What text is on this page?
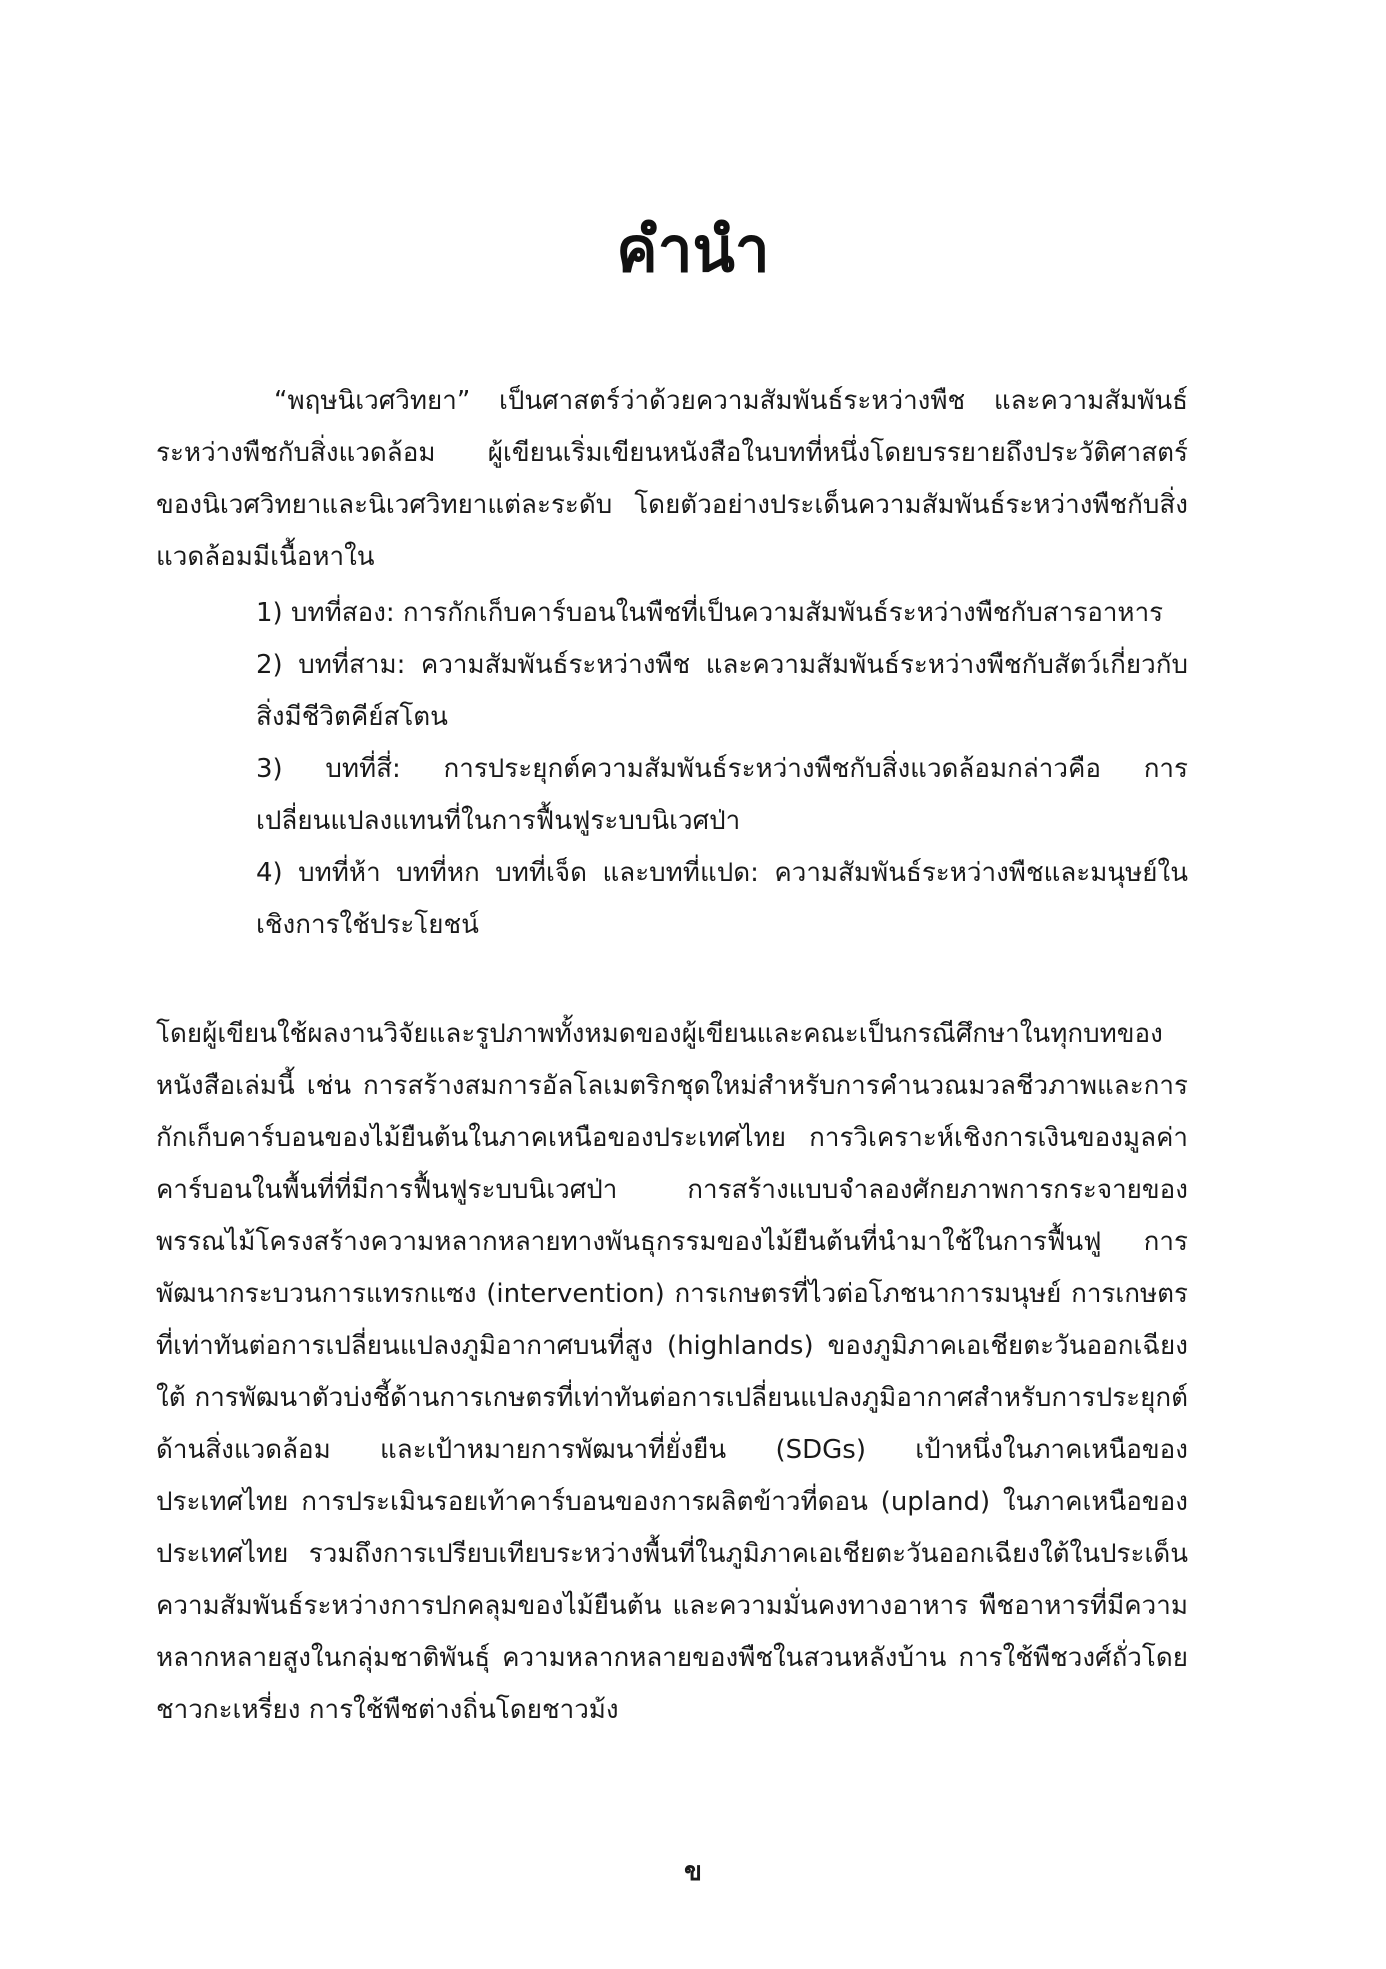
คำนำ

“พฤษนิเวศวิทยา” เป็นศาสตร์ว่าด้วยความสัมพันธ์ระหว่างพืช และความสัมพันธ์ระหว่างพืชกับสิ่งแวดล้อม ผู้เขียนเริ่มเขียนหนังสือในบทที่หนึ่งโดยบรรยายถึงประวัติศาสตร์ของนิเวศวิทยาและนิเวศวิทยาแต่ละระดับ โดยตัวอย่างประเด็นความสัมพันธ์ระหว่างพืชกับสิ่งแวดล้อมมีเนื้อหาใน

1) บทที่สอง: การกักเก็บคาร์บอนในพืชที่เป็นความสัมพันธ์ระหว่างพืชกับสารอาหาร
2) บทที่สาม: ความสัมพันธ์ระหว่างพืช และความสัมพันธ์ระหว่างพืชกับสัตว์เกี่ยวกับสิ่งมีชีวิตคีย์สโตน
3) บทที่สี่: การประยุกต์ความสัมพันธ์ระหว่างพืชกับสิ่งแวดล้อมกล่าวคือ การเปลี่ยนแปลงแทนที่ในการฟื้นฟูระบบนิเวศป่า
4) บทที่ห้า บทที่หก บทที่เจ็ด และบทที่แปด: ความสัมพันธ์ระหว่างพืชและมนุษย์ในเชิงการใช้ประโยชน์

โดยผู้เขียนใช้ผลงานวิจัยและรูปภาพทั้งหมดของผู้เขียนและคณะเป็นกรณีศึกษาในทุกบทของหนังสือเล่มนี้ เช่น การสร้างสมการอัลโลเมตริกชุดใหม่สำหรับการคำนวณมวลชีวภาพและการกักเก็บคาร์บอนของไม้ยืนต้นในภาคเหนือของประเทศไทย การวิเคราะห์เชิงการเงินของมูลค่าคาร์บอนในพื้นที่ที่มีการฟื้นฟูระบบนิเวศป่า การสร้างแบบจำลองศักยภาพการกระจายของพรรณไม้โครงสร้างความหลากหลายทางพันธุกรรมของไม้ยืนต้นที่นำมาใช้ในการฟื้นฟู การพัฒนากระบวนการแทรกแซง (intervention) การเกษตรที่ไวต่อโภชนาการมนุษย์ การเกษตรที่เท่าทันต่อการเปลี่ยนแปลงภูมิอากาศบนที่สูง (highlands) ของภูมิภาคเอเชียตะวันออกเฉียงใต้ การพัฒนาตัวบ่งชี้ด้านการเกษตรที่เท่าทันต่อการเปลี่ยนแปลงภูมิอากาศสำหรับการประยุกต์ด้านสิ่งแวดล้อม และเป้าหมายการพัฒนาที่ยั่งยืน (SDGs) เป้าหนึ่งในภาคเหนือของประเทศไทย การประเมินรอยเท้าคาร์บอนของการผลิตข้าวที่ดอน (upland) ในภาคเหนือของประเทศไทย รวมถึงการเปรียบเทียบระหว่างพื้นที่ในภูมิภาคเอเชียตะวันออกเฉียงใต้ในประเด็นความสัมพันธ์ระหว่างการปกคลุมของไม้ยืนต้น และความมั่นคงทางอาหาร พืชอาหารที่มีความหลากหลายสูงในกลุ่มชาติพันธุ์ ความหลากหลายของพืชในสวนหลังบ้าน การใช้พืชวงศ์ถั่วโดยชาวกะเหรี่ยง การใช้พืชต่างถิ่นโดยชาวม้ง

ข
